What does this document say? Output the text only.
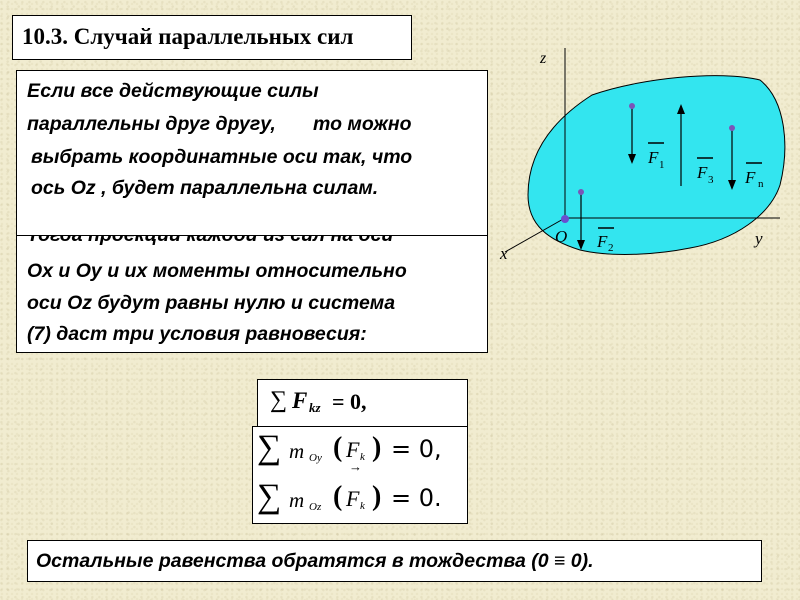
10.3. Случай параллельных сил
Ox и Oy и их моменты относительно
оси Oz будут равны нулю и система
(7) даст три условия равновесия:
Если все действующие силы
параллельны друг другу, то можно
выбрать координатные оси так, что
ось Oz , будет параллельна силам.
z
x
y
O
F 1 F 3 F n
F 2
∑ F kz = 0,
∑ m Oy ( F k
→
) = 0,
∑ m Oz ( F k ) = 0.
Остальные равенства обратятся в тождества (0 ≡ 0).
